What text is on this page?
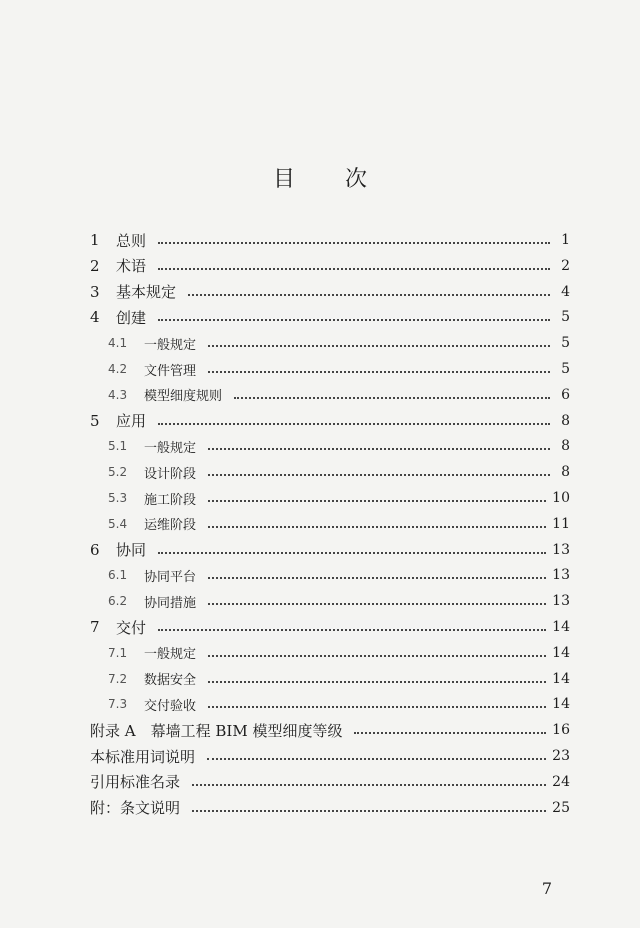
目 次
1	总则	1
2	术语	2
3	基本规定	4
4	创建	5
4.1	一般规定	5
4.2	文件管理	5
4.3	模型细度规则	6
5	应用	8
5.1	一般规定	8
5.2	设计阶段	8
5.3	施工阶段	10
5.4	运维阶段	11
6	协同	13
6.1	协同平台	13
6.2	协同措施	13
7	交付	14
7.1	一般规定	14
7.2	数据安全	14
7.3	交付验收	14
附录 A　幕墙工程 BIM 模型细度等级	16
本标准用词说明	23
引用标准名录	24
附：条文说明	25
7
